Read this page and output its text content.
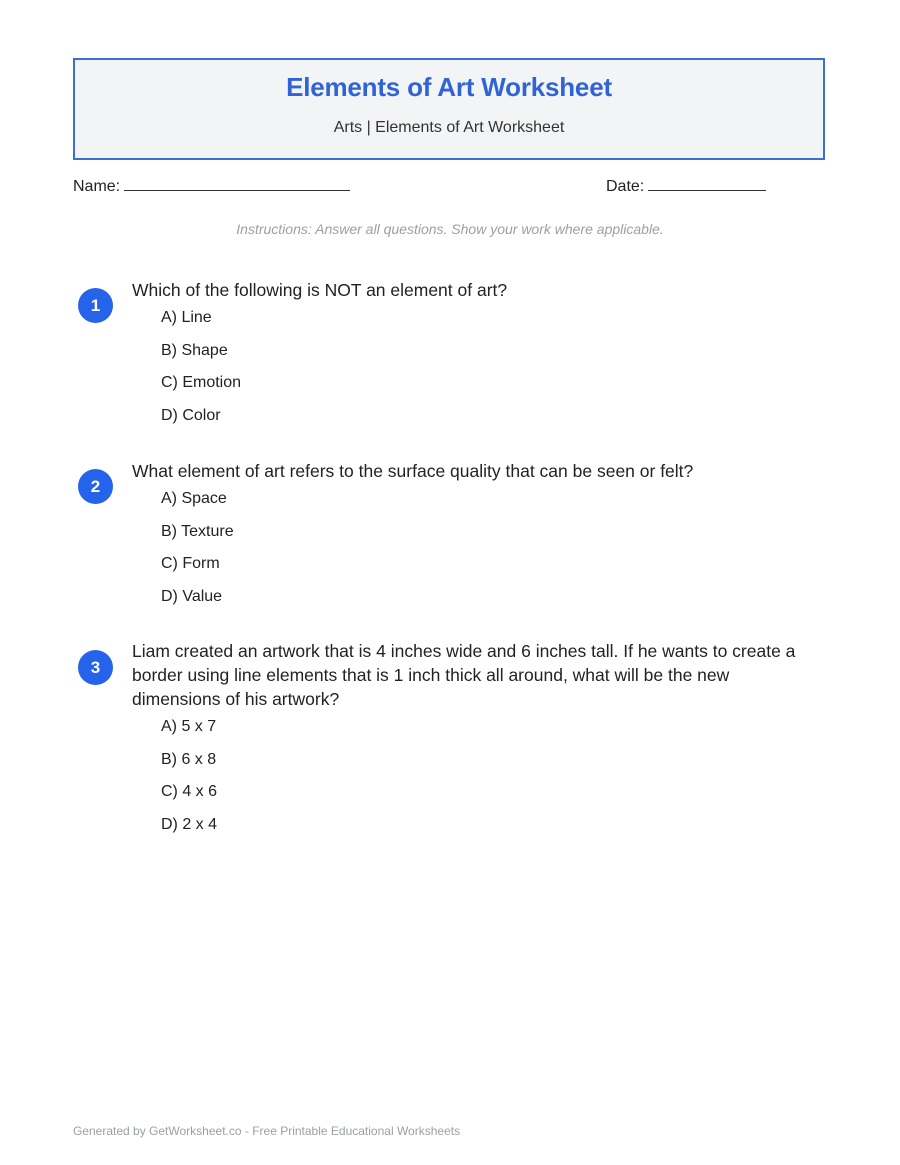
Elements of Art Worksheet
Arts | Elements of Art Worksheet
Name:	Date:
Instructions: Answer all questions. Show your work where applicable.
1
Which of the following is NOT an element of art?
A) Line
B) Shape
C) Emotion
D) Color
2
What element of art refers to the surface quality that can be seen or felt?
A) Space
B) Texture
C) Form
D) Value
3
Liam created an artwork that is 4 inches wide and 6 inches tall. If he wants to create a border using line elements that is 1 inch thick all around, what will be the new dimensions of his artwork?
A) 5 x 7
B) 6 x 8
C) 4 x 6
D) 2 x 4
Generated by GetWorksheet.co - Free Printable Educational Worksheets
